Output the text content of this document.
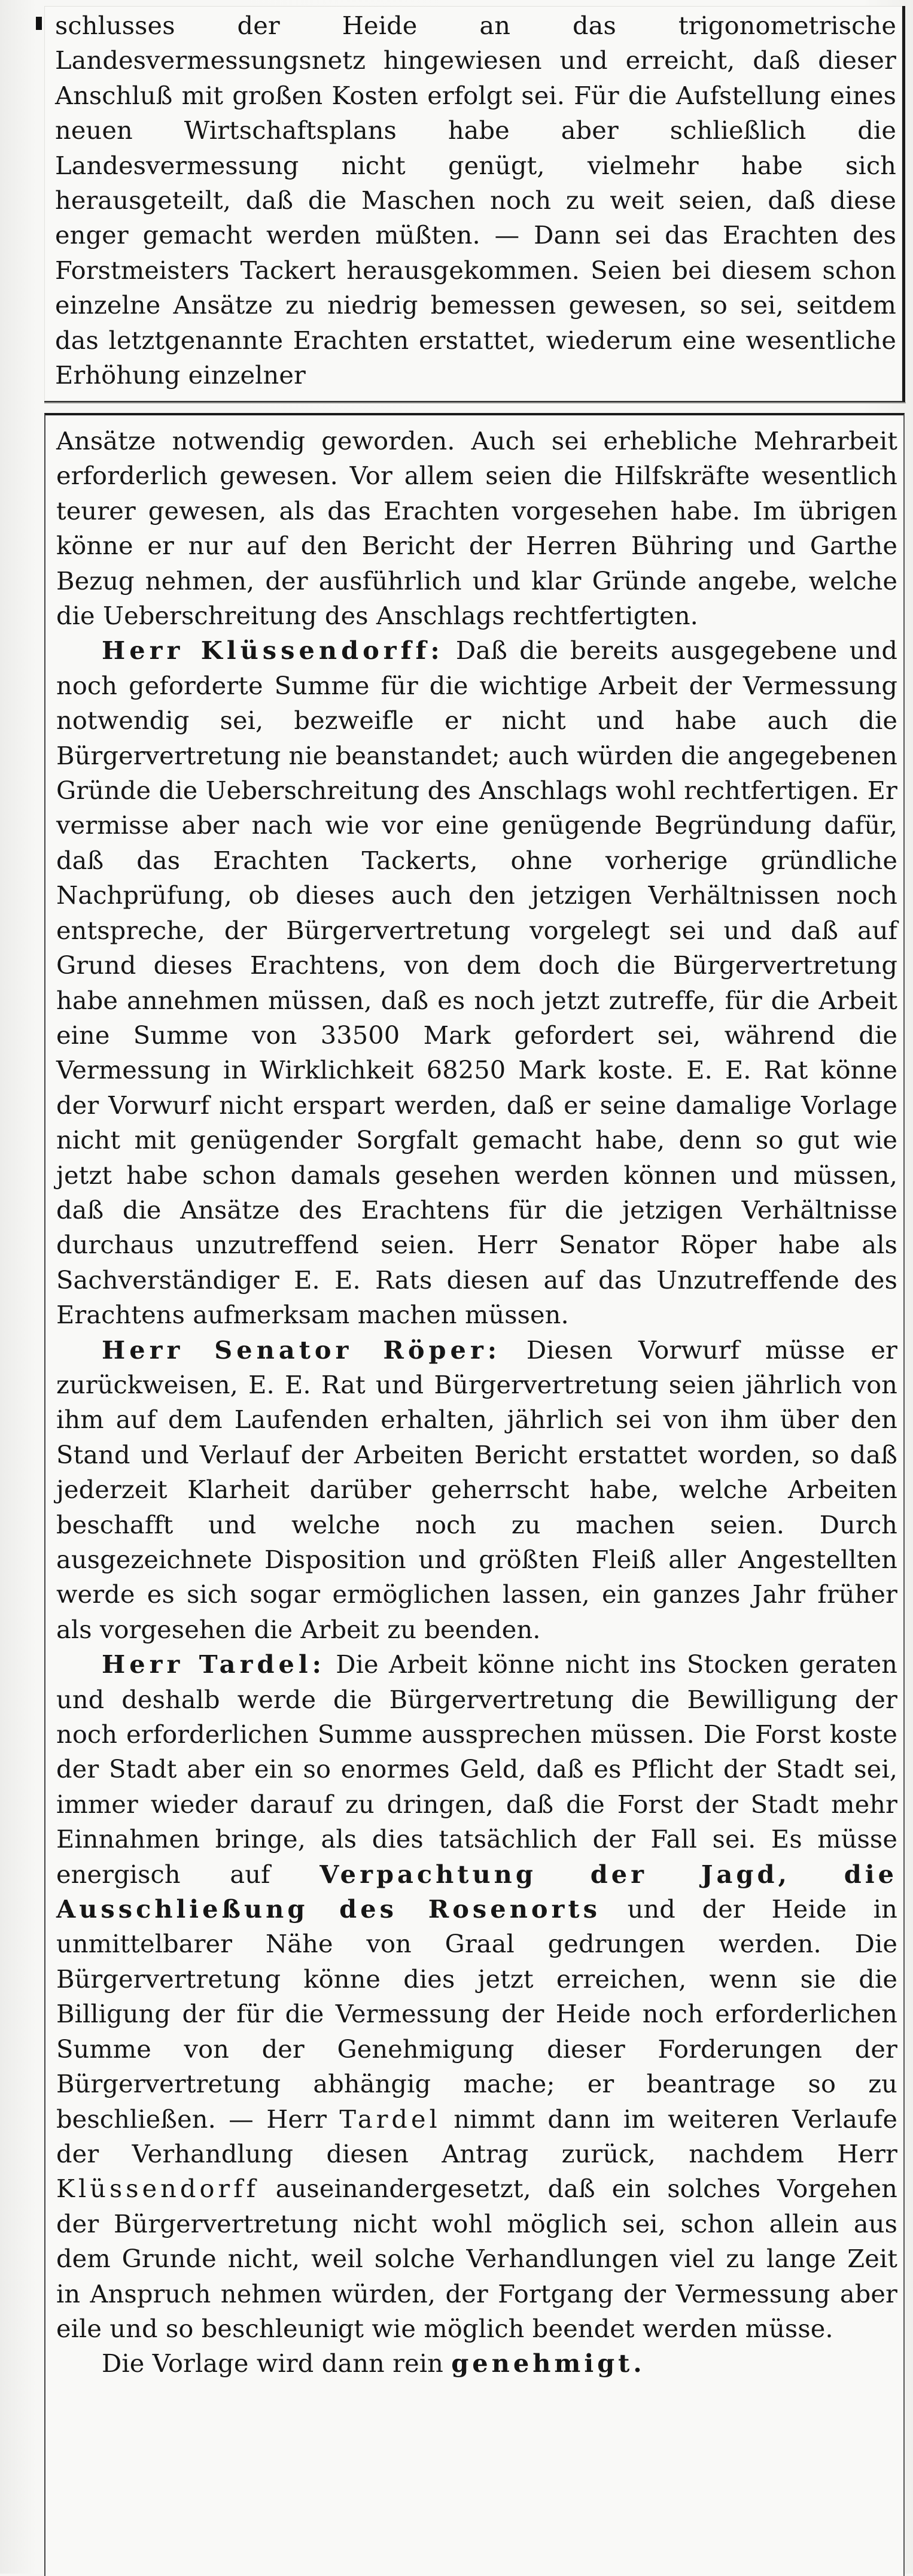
schlusses der Heide an das trigonometrische Landesvermessungsnetz hingewiesen und erreicht, daß dieser Anschluß mit großen Kosten erfolgt sei. Für die Aufstellung eines neuen Wirtschaftsplans habe aber schließlich die Landesvermessung nicht genügt, vielmehr habe sich herausgeteilt, daß die Maschen noch zu weit seien, daß diese enger gemacht werden müßten. — Dann sei das Erachten des Forstmeisters Tackert herausgekommen. Seien bei diesem schon einzelne Ansätze zu niedrig bemessen gewesen, so sei, seitdem das letztgenannte Erachten erstattet, wiederum eine wesentliche Erhöhung einzelner

Ansätze notwendig geworden. Auch sei erhebliche Mehrarbeit erforderlich gewesen. Vor allem seien die Hilfskräfte wesentlich teurer gewesen, als das Erachten vorgesehen habe. Im übrigen könne er nur auf den Bericht der Herren Bühring und Garthe Bezug nehmen, der ausführlich und klar Gründe angebe, welche die Ueberschreitung des Anschlags rechtfertigten.

Herr Klüssendorff: Daß die bereits ausgegebene und noch geforderte Summe für die wichtige Arbeit der Vermessung notwendig sei, bezweifle er nicht und habe auch die Bürgervertretung nie beanstandet; auch würden die angegebenen Gründe die Ueberschreitung des Anschlags wohl rechtfertigen. Er vermisse aber nach wie vor eine genügende Begründung dafür, daß das Erachten Tackerts, ohne vorherige gründliche Nachprüfung, ob dieses auch den jetzigen Verhältnissen noch entspreche, der Bürgervertretung vorgelegt sei und daß auf Grund dieses Erachtens, von dem doch die Bürgervertretung habe annehmen müssen, daß es noch jetzt zutreffe, für die Arbeit eine Summe von 33500 Mark gefordert sei, während die Vermessung in Wirklichkeit 68250 Mark koste. E. E. Rat könne der Vorwurf nicht erspart werden, daß er seine damalige Vorlage nicht mit genügender Sorgfalt gemacht habe, denn so gut wie jetzt habe schon damals gesehen werden können und müssen, daß die Ansätze des Erachtens für die jetzigen Verhältnisse durchaus unzutreffend seien. Herr Senator Röper habe als Sachverständiger E. E. Rats diesen auf das Unzutreffende des Erachtens aufmerksam machen müssen.

Herr Senator Röper: Diesen Vorwurf müsse er zurückweisen, E. E. Rat und Bürgervertretung seien jährlich von ihm auf dem Laufenden erhalten, jährlich sei von ihm über den Stand und Verlauf der Arbeiten Bericht erstattet worden, so daß jederzeit Klarheit darüber geherrscht habe, welche Arbeiten beschafft und welche noch zu machen seien. Durch ausgezeichnete Disposition und größten Fleiß aller Angestellten werde es sich sogar ermöglichen lassen, ein ganzes Jahr früher als vorgesehen die Arbeit zu beenden.

Herr Tardel: Die Arbeit könne nicht ins Stocken geraten und deshalb werde die Bürgervertretung die Bewilligung der noch erforderlichen Summe aussprechen müssen. Die Forst koste der Stadt aber ein so enormes Geld, daß es Pflicht der Stadt sei, immer wieder darauf zu dringen, daß die Forst der Stadt mehr Einnahmen bringe, als dies tatsächlich der Fall sei. Es müsse energisch auf Verpachtung der Jagd, die Ausschließung des Rosenorts und der Heide in unmittelbarer Nähe von Graal gedrungen werden. Die Bürgervertretung könne dies jetzt erreichen, wenn sie die Billigung der für die Vermessung der Heide noch erforderlichen Summe von der Genehmigung dieser Forderungen der Bürgervertretung abhängig mache; er beantrage so zu beschließen. — Herr Tardel nimmt dann im weiteren Verlaufe der Verhandlung diesen Antrag zurück, nachdem Herr Klüssendorff auseinandergesetzt, daß ein solches Vorgehen der Bürgervertretung nicht wohl möglich sei, schon allein aus dem Grunde nicht, weil solche Verhandlungen viel zu lange Zeit in Anspruch nehmen würden, der Fortgang der Vermessung aber eile und so beschleunigt wie möglich beendet werden müsse.

Die Vorlage wird dann rein genehmigt.
